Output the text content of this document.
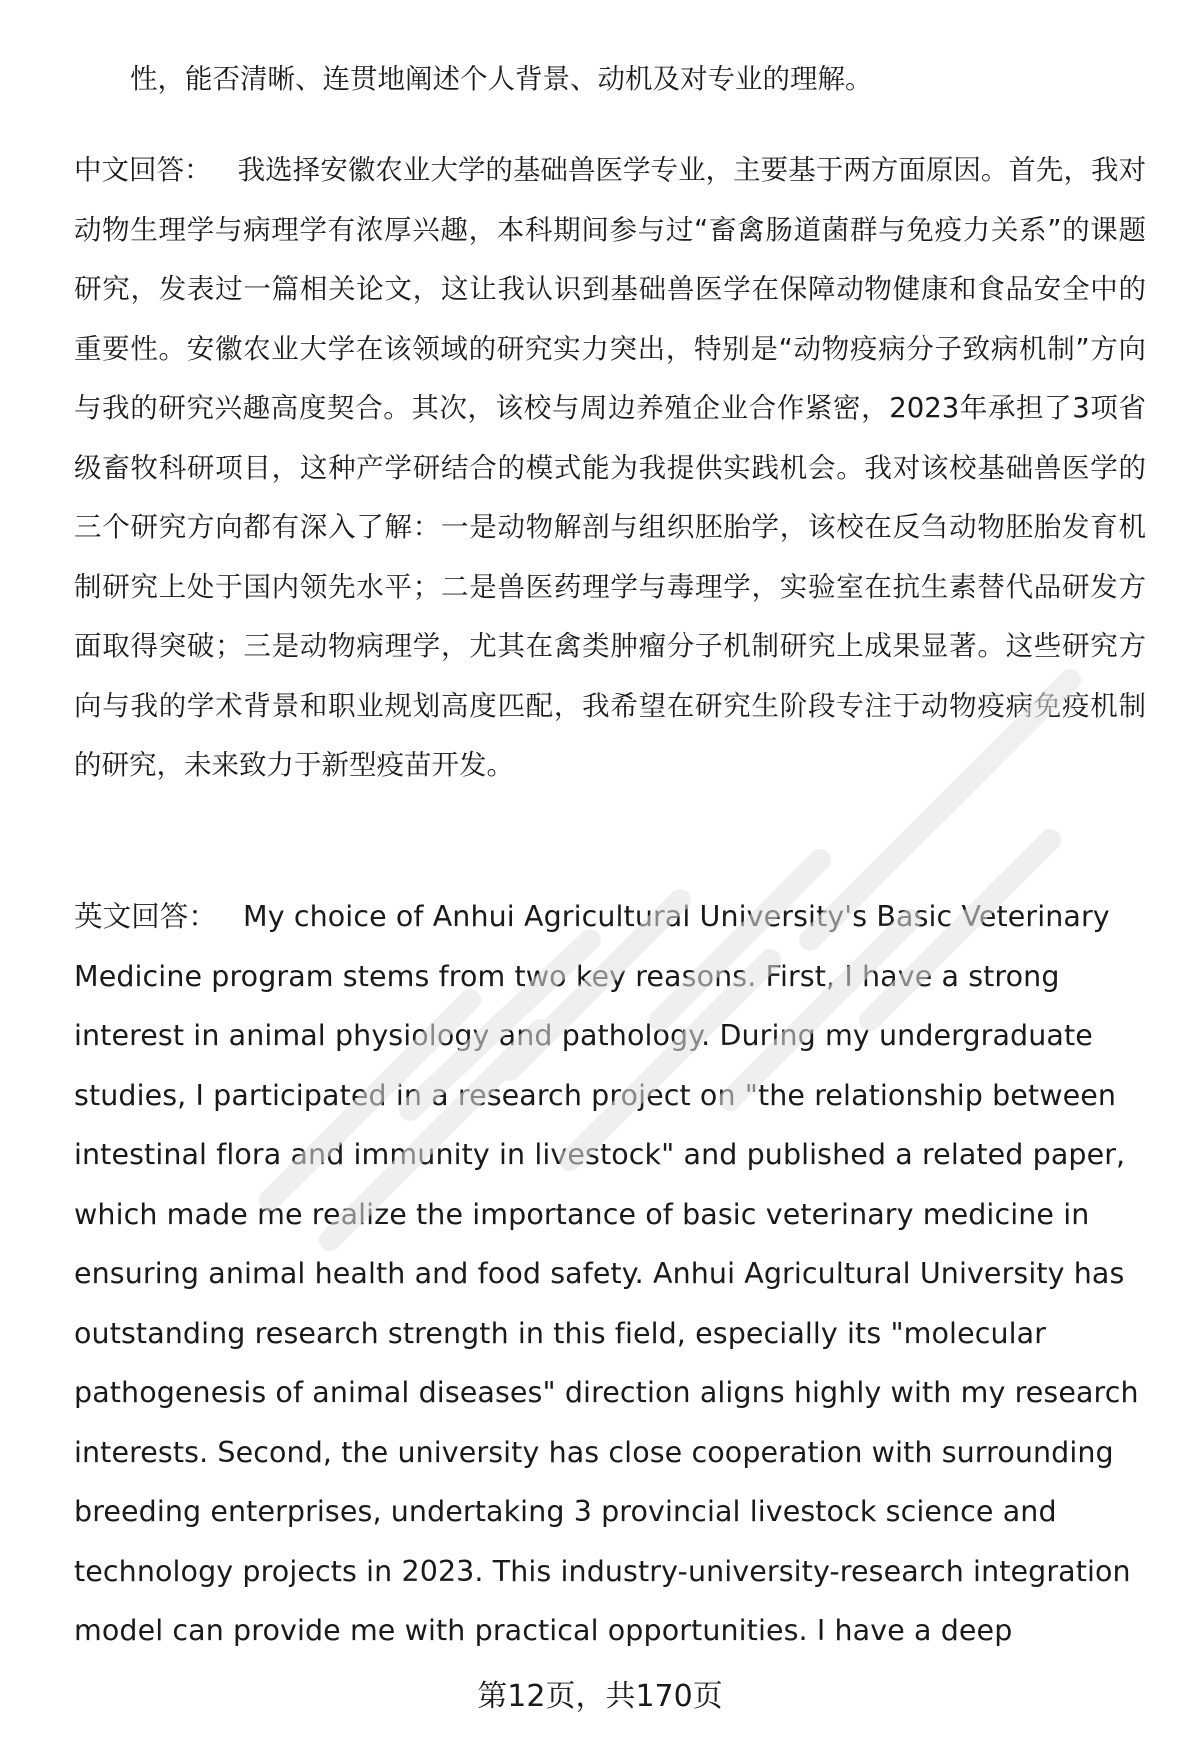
性，能否清晰、连贯地阐述个人背景、动机及对专业的理解。

中文回答： 我选择安徽农业大学的基础兽医学专业，主要基于两方面原因。首先，我对动物生理学与病理学有浓厚兴趣，本科期间参与过“畜禽肠道菌群与免疫力关系”的课题研究，发表过一篇相关论文，这让我认识到基础兽医学在保障动物健康和食品安全中的重要性。安徽农业大学在该领域的研究实力突出，特别是“动物疫病分子致病机制”方向与我的研究兴趣高度契合。其次，该校与周边养殖企业合作紧密，2023年承担了3项省级畜牧科研项目，这种产学研结合的模式能为我提供实践机会。我对该校基础兽医学的三个研究方向都有深入了解：一是动物解剖与组织胚胎学，该校在反刍动物胚胎发育机制研究上处于国内领先水平；二是兽医药理学与毒理学，实验室在抗生素替代品研发方面取得突破；三是动物病理学，尤其在禽类肿瘤分子机制研究上成果显著。这些研究方向与我的学术背景和职业规划高度匹配，我希望在研究生阶段专注于动物疫病免疫机制的研究，未来致力于新型疫苗开发。

英文回答： My choice of Anhui Agricultural University's Basic Veterinary
Medicine program stems from two key reasons. First, I have a strong
interest in animal physiology and pathology. During my undergraduate
studies, I participated in a research project on "the relationship between
intestinal flora and immunity in livestock" and published a related paper,
which made me realize the importance of basic veterinary medicine in
ensuring animal health and food safety. Anhui Agricultural University has
outstanding research strength in this field, especially its "molecular
pathogenesis of animal diseases" direction aligns highly with my research
interests. Second, the university has close cooperation with surrounding
breeding enterprises, undertaking 3 provincial livestock science and
technology projects in 2023. This industry-university-research integration
model can provide me with practical opportunities. I have a deep
第12页，共170页
